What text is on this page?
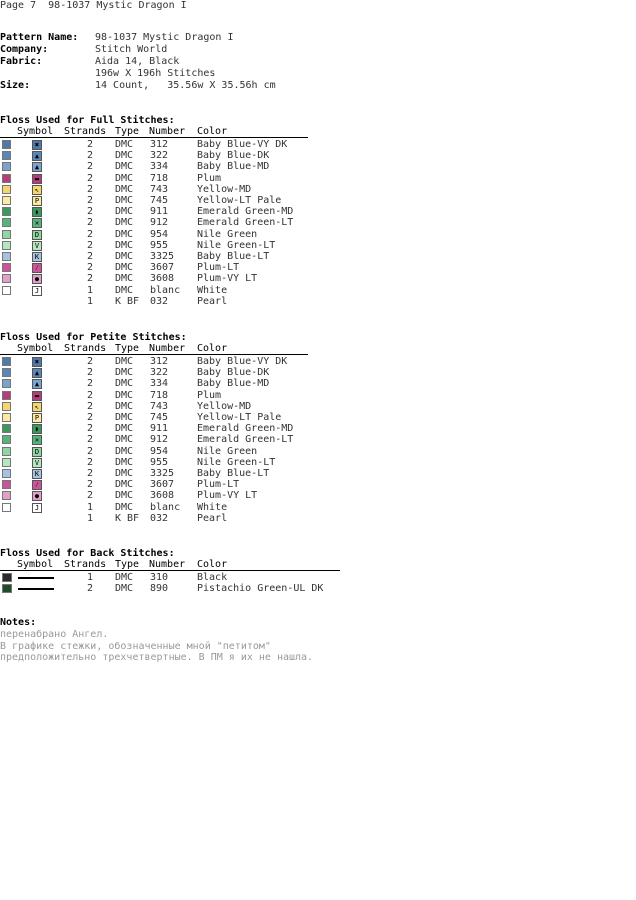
Page 7  98-1037 Mystic Dragon I
Pattern Name: 98-1037 Mystic Dragon I
Company:	Stitch World
Fabric:	Aida 14, Black
196w X 196h Stitches
Size:	14 Count,   35.56w X 35.56h cm
Floss Used for Full Stitches:
Symbol Strands Type Number Color
✖	2 DMC 312	Baby Blue-VY DK
▲	2 DMC 322	Baby Blue-DK
▲	2 DMC 334	Baby Blue-MD
▬	2 DMC 718	Plum
↖	2 DMC 743	Yellow-MD
P	2 DMC 745	Yellow-LT Pale
◗	2 DMC 911	Emerald Green-MD
✕	2 DMC 912	Emerald Green-LT
D	2 DMC 954	Nile Green
V	2 DMC 955	Nile Green-LT
K	2 DMC 3325 Baby Blue-LT
⁄	2 DMC 3607 Plum-LT
●	2 DMC 3608 Plum-VY LT
J	1 DMC blanc White
1 K BF 032	Pearl
Floss Used for Petite Stitches:
Symbol Strands Type Number Color
✖	2 DMC 312	Baby Blue-VY DK
▲	2 DMC 322	Baby Blue-DK
▲	2 DMC 334	Baby Blue-MD
▬	2 DMC 718	Plum
↖	2 DMC 743	Yellow-MD
P	2 DMC 745	Yellow-LT Pale
◗	2 DMC 911	Emerald Green-MD
✕	2 DMC 912	Emerald Green-LT
D	2 DMC 954	Nile Green
V	2 DMC 955	Nile Green-LT
K	2 DMC 3325 Baby Blue-LT
⁄	2 DMC 3607 Plum-LT
●	2 DMC 3608 Plum-VY LT
J	1 DMC blanc White
1 K BF 032	Pearl
Floss Used for Back Stitches:
Symbol Strands Type Number Color
1 DMC 310	Black
2 DMC 890	Pistachio Green-UL DK
Notes:
перенабрано Ангел.
В графике стежки, обозначенные мной "петитом"
предположительно трехчетвертные. В ПМ я их не нашла.
